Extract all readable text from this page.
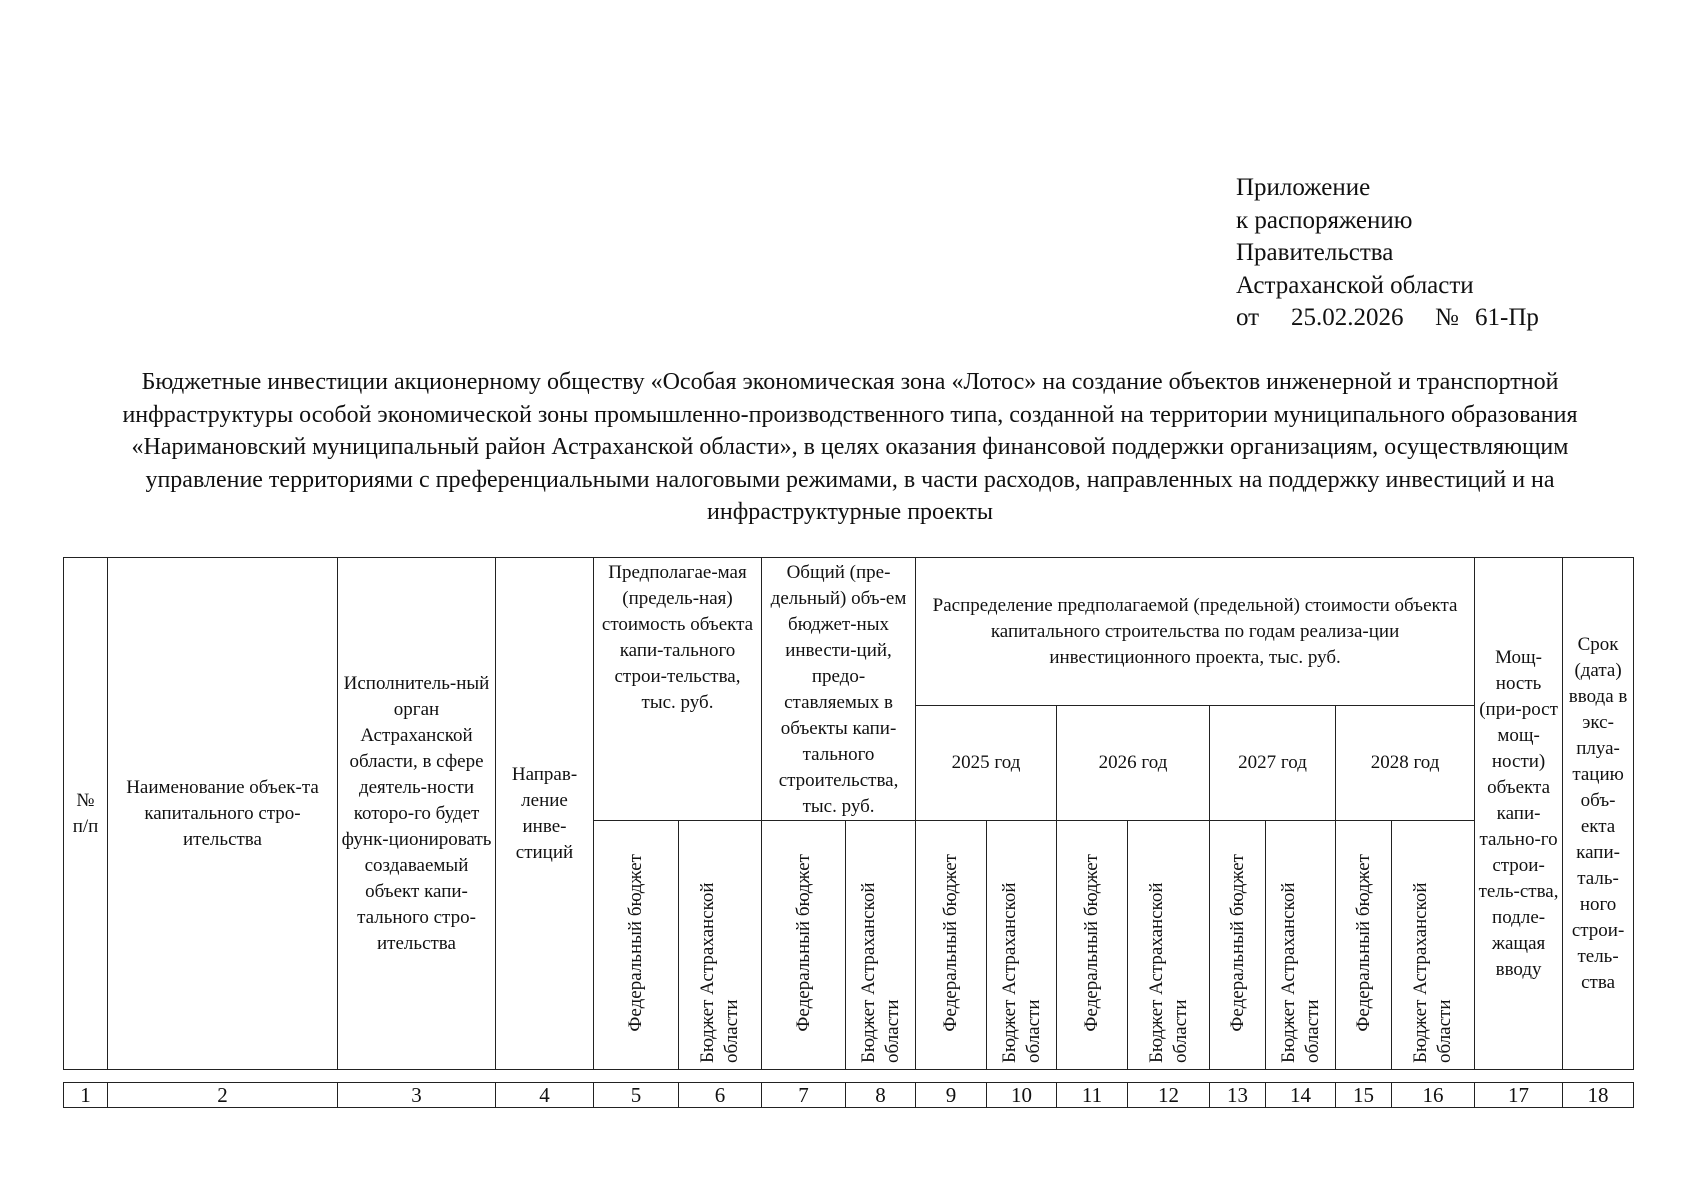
Приложение
к распоряжению
Правительства
Астраханской области
от 25.02.2026 № 61-Пр
Бюджетные инвестиции акционерному обществу «Особая экономическая зона «Лотос» на создание объектов инженерной и транспортной инфраструктуры особой экономической зоны промышленно-производственного типа, созданной на территории муниципального образования «Наримановский муниципальный район Астраханской области», в целях оказания финансовой поддержки организациям, осуществляющим управление территориями с преференциальными налоговыми режимами, в части расходов, направленных на поддержку инвестиций и на инфраструктурные проекты
№ п/п	Наименование объек-та капитального стро-ительства	Исполнитель-ный орган Астраханской области, в сфере деятель-ности которо-го будет функ-ционировать создаваемый объект капи-тального стро-ительства	Направ-ление инве-стиций	Предполагае-мая (предель-ная) стоимость объекта капи-тального строи-тельства, тыс. руб.		Общий (пре-дельный) объ-ем бюджет-ных инвести-ций, предо-ставляемых в объекты капи-тального строительства, тыс. руб.		Распределение предполагаемой (предельной) стоимости объекта капитального строительства по годам реализа-ции инвестиционного проекта, тыс. руб.								Мощ-ность (при-рост мощ-ности) объекта капи-тально-го строи-тель-ства, подле-жащая вводу	Срок (дата) ввода в экс-плуа-тацию объ-екта капи-таль-ного строи-тель-ства
								2025 год		2026 год		2027 год		2028 год			

				Федеральный бюджет	Бюджет Астраханской области	Федеральный бюджет	Бюджет Астраханской области	Федеральный бюджет	Бюджет Астраханской области	Федеральный бюджет	Бюджет Астраханской области	Федеральный бюджет	Бюджет Астраханской области	Федеральный бюджет	Бюджет Астраханской области		
1	2	3	4	5	6	7	8	9	10	11	12	13	14	15	16	17	18
